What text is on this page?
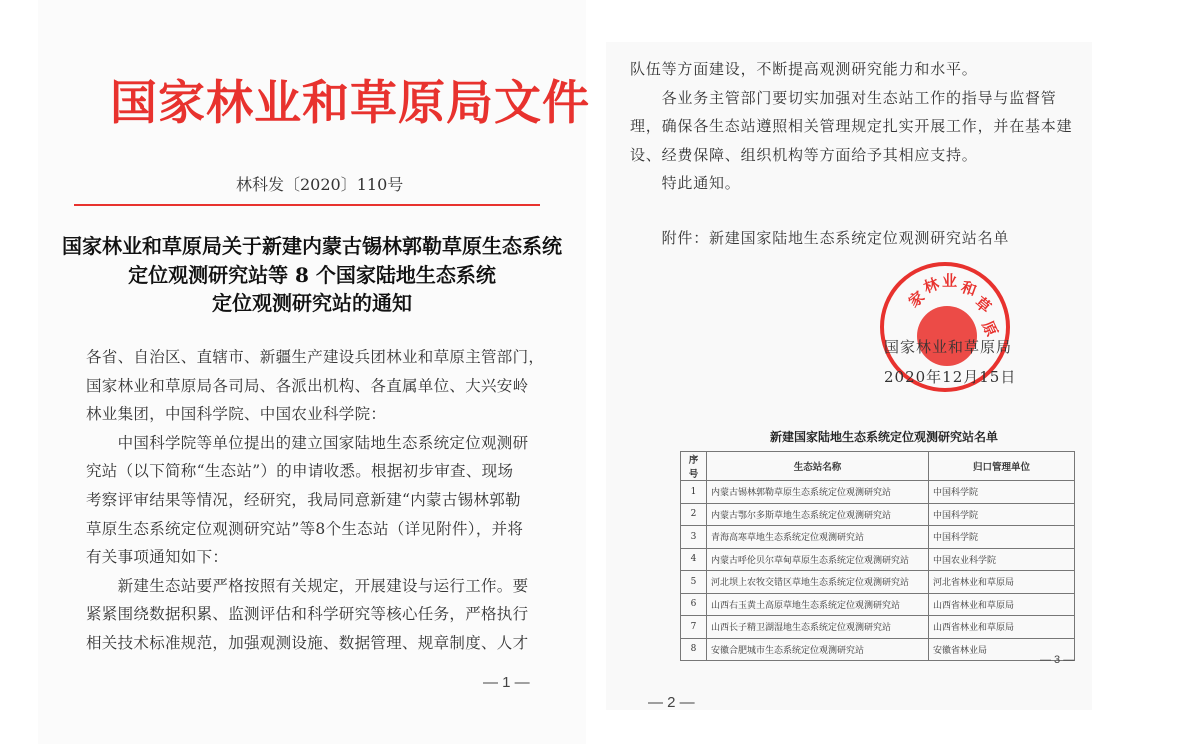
国家林业和草原局文件
林科发〔2020〕110号
国家林业和草原局关于新建内蒙古锡林郭勒草原生态系统
定位观测研究站等 8 个国家陆地生态系统
定位观测研究站的通知
各省、自治区、直辖市、新疆生产建设兵团林业和草原主管部门，
国家林业和草原局各司局、各派出机构、各直属单位、大兴安岭
林业集团，中国科学院、中国农业科学院：
　　中国科学院等单位提出的建立国家陆地生态系统定位观测研
究站（以下简称“生态站”）的申请收悉。根据初步审查、现场
考察评审结果等情况，经研究，我局同意新建“内蒙古锡林郭勒
草原生态系统定位观测研究站”等8个生态站（详见附件），并将
有关事项通知如下：
　　新建生态站要严格按照有关规定，开展建设与运行工作。要
紧紧围绕数据积累、监测评估和科学研究等核心任务，严格执行
相关技术标准规范，加强观测设施、数据管理、规章制度、人才
— 1 —
队伍等方面建设，不断提高观测研究能力和水平。
　　各业务主管部门要切实加强对生态站工作的指导与监督管
理，确保各生态站遵照相关管理规定扎实开展工作，并在基本建
设、经费保障、组织机构等方面给予其相应支持。
　　特此通知。
　　附件：新建国家陆地生态系统定位观测研究站名单
— 2 —
家
林 业 和
草
原
国家林业和草原局
2020年12月15日
新建国家陆地生态系统定位观测研究站名单
序号	生态站名称	归口管理单位
1	内蒙古锡林郭勒草原生态系统定位观测研究站	中国科学院
2	内蒙古鄂尔多斯草地生态系统定位观测研究站	中国科学院
3	青海高寒草地生态系统定位观测研究站	中国科学院
4	内蒙古呼伦贝尔草甸草原生态系统定位观测研究站	中国农业科学院
5	河北坝上农牧交错区草地生态系统定位观测研究站	河北省林业和草原局
6	山西右玉黄土高原草地生态系统定位观测研究站	山西省林业和草原局
7	山西长子精卫湖湿地生态系统定位观测研究站	山西省林业和草原局
8	安徽合肥城市生态系统定位观测研究站	安徽省林业局
— 3 —
